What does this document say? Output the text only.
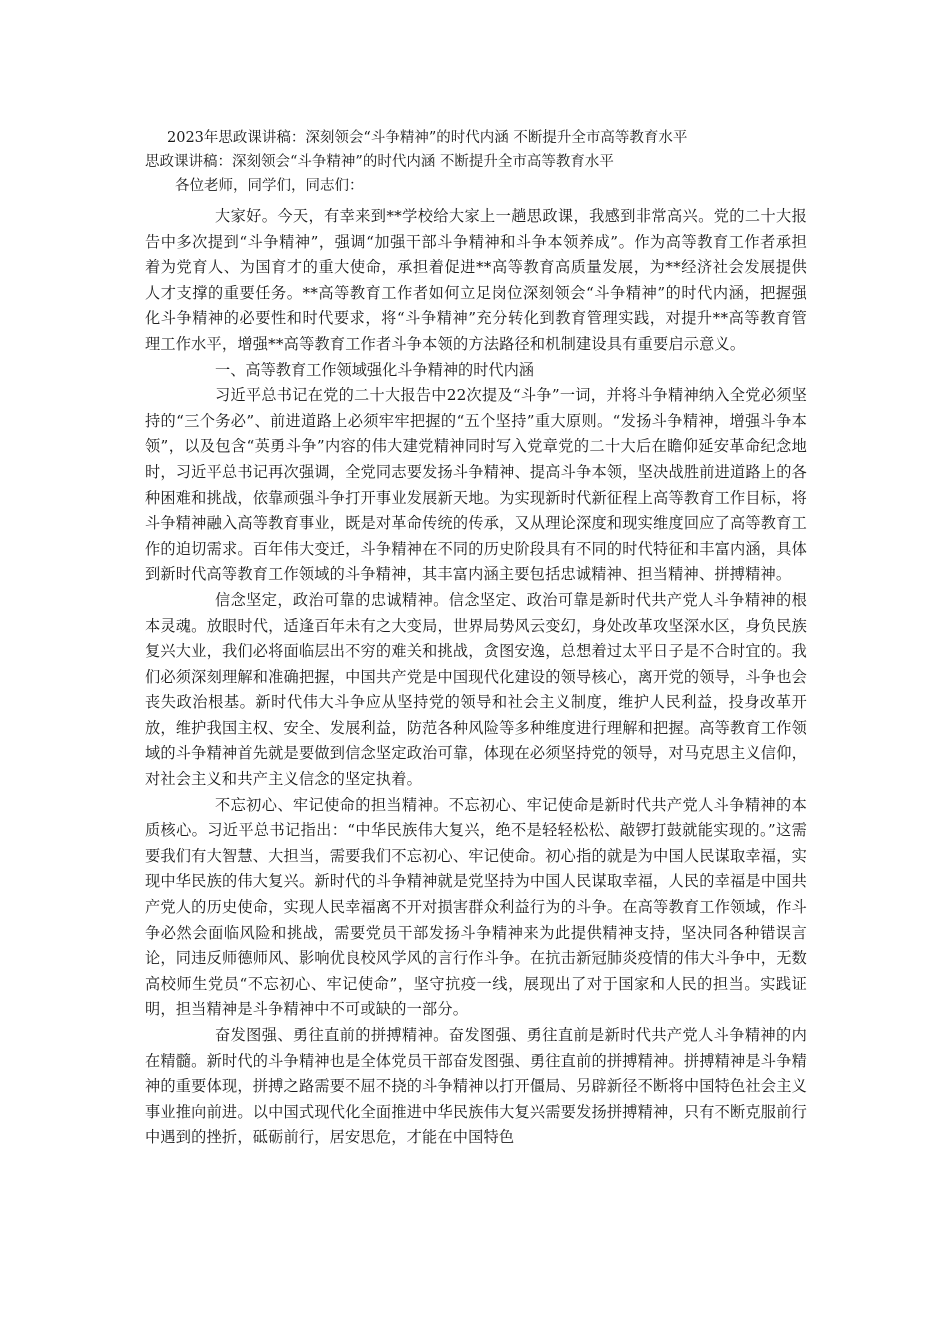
2023年思政课讲稿：深刻领会“斗争精神”的时代内涵 不断提升全市高等教育水平

思政课讲稿：深刻领会“斗争精神”的时代内涵 不断提升全市高等教育水平

各位老师，同学们，同志们：

大家好。今天，有幸来到**学校给大家上一趟思政课，我感到非常高兴。党的二十大报告中多次提到“斗争精神”，强调“加强干部斗争精神和斗争本领养成”。作为高等教育工作者承担着为党育人、为国育才的重大使命，承担着促进**高等教育高质量发展，为**经济社会发展提供人才支撑的重要任务。**高等教育工作者如何立足岗位深刻领会“斗争精神”的时代内涵，把握强化斗争精神的必要性和时代要求，将“斗争精神”充分转化到教育管理实践，对提升**高等教育管理工作水平，增强**高等教育工作者斗争本领的方法路径和机制建设具有重要启示意义。

一、高等教育工作领域强化斗争精神的时代内涵

习近平总书记在党的二十大报告中22次提及“斗争”一词，并将斗争精神纳入全党必须坚持的“三个务必”、前进道路上必须牢牢把握的“五个坚持”重大原则。“发扬斗争精神，增强斗争本领”，以及包含“英勇斗争”内容的伟大建党精神同时写入党章党的二十大后在瞻仰延安革命纪念地时，习近平总书记再次强调，全党同志要发扬斗争精神、提高斗争本领，坚决战胜前进道路上的各种困难和挑战，依靠顽强斗争打开事业发展新天地。为实现新时代新征程上高等教育工作目标，将斗争精神融入高等教育事业，既是对革命传统的传承，又从理论深度和现实维度回应了高等教育工作的迫切需求。百年伟大变迁，斗争精神在不同的历史阶段具有不同的时代特征和丰富内涵，具体到新时代高等教育工作领域的斗争精神，其丰富内涵主要包括忠诚精神、担当精神、拼搏精神。

信念坚定，政治可靠的忠诚精神。信念坚定、政治可靠是新时代共产党人斗争精神的根本灵魂。放眼时代，适逢百年未有之大变局，世界局势风云变幻，身处改革攻坚深水区，身负民族复兴大业，我们必将面临层出不穷的难关和挑战，贪图安逸，总想着过太平日子是不合时宜的。我们必须深刻理解和准确把握，中国共产党是中国现代化建设的领导核心，离开党的领导，斗争也会丧失政治根基。新时代伟大斗争应从坚持党的领导和社会主义制度，维护人民利益，投身改革开放，维护我国主权、安全、发展利益，防范各种风险等多种维度进行理解和把握。高等教育工作领域的斗争精神首先就是要做到信念坚定政治可靠，体现在必须坚持党的领导，对马克思主义信仰，对社会主义和共产主义信念的坚定执着。

不忘初心、牢记使命的担当精神。不忘初心、牢记使命是新时代共产党人斗争精神的本质核心。习近平总书记指出：“中华民族伟大复兴，绝不是轻轻松松、敲锣打鼓就能实现的。”这需要我们有大智慧、大担当，需要我们不忘初心、牢记使命。初心指的就是为中国人民谋取幸福，实现中华民族的伟大复兴。新时代的斗争精神就是党坚持为中国人民谋取幸福，人民的幸福是中国共产党人的历史使命，实现人民幸福离不开对损害群众利益行为的斗争。在高等教育工作领域，作斗争必然会面临风险和挑战，需要党员干部发扬斗争精神来为此提供精神支持，坚决同各种错误言论，同违反师德师风、影响优良校风学风的言行作斗争。在抗击新冠肺炎疫情的伟大斗争中，无数高校师生党员“不忘初心、牢记使命”，坚守抗疫一线，展现出了对于国家和人民的担当。实践证明，担当精神是斗争精神中不可或缺的一部分。

奋发图强、勇往直前的拼搏精神。奋发图强、勇往直前是新时代共产党人斗争精神的内在精髓。新时代的斗争精神也是全体党员干部奋发图强、勇往直前的拼搏精神。拼搏精神是斗争精神的重要体现，拼搏之路需要不屈不挠的斗争精神以打开僵局、另辟新径不断将中国特色社会主义事业推向前进。以中国式现代化全面推进中华民族伟大复兴需要发扬拼搏精神，只有不断克服前行中遇到的挫折，砥砺前行，居安思危，才能在中国特色
